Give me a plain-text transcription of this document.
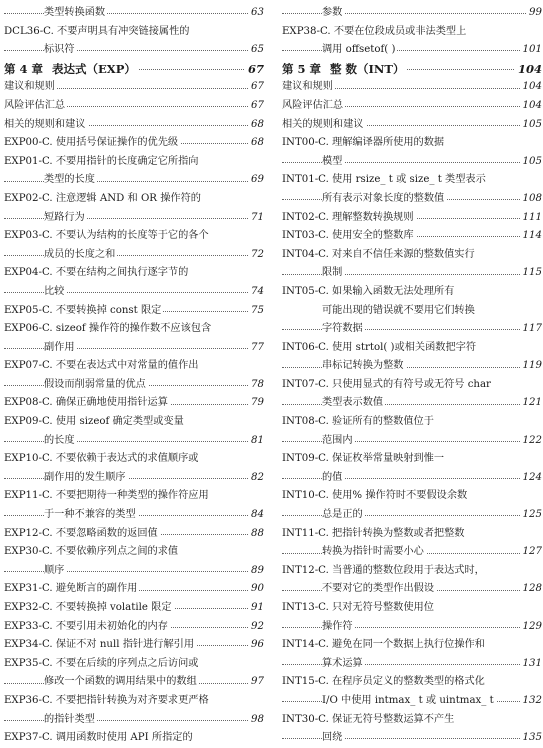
类型转换函数	63
DCL36-C. 不要声明具有冲突链接属性的
标识符	65
第 4 章 表达式（EXP）	67
建议和规则	67
风险评估汇总	67
相关的规则和建议	68
EXP00-C. 使用括号保证操作的优先级	68
EXP01-C. 不要用指针的长度确定它所指向
类型的长度	69
EXP02-C. 注意逻辑 AND 和 OR 操作符的
短路行为	71
EXP03-C. 不要认为结构的长度等于它的各个
成员的长度之和	72
EXP04-C. 不要在结构之间执行逐字节的
比较	74
EXP05-C. 不要转换掉 const 限定	75
EXP06-C. sizeof 操作符的操作数不应该包含
副作用	77
EXP07-C. 不要在表达式中对常量的值作出
假设而削弱常量的优点	78
EXP08-C. 确保正确地使用指针运算	79
EXP09-C. 使用 sizeof 确定类型或变量
的长度	81
EXP10-C. 不要依赖于表达式的求值顺序或
副作用的发生顺序	82
EXP11-C. 不要把期待一种类型的操作符应用
于一种不兼容的类型	84
EXP12-C. 不要忽略函数的返回值	88
EXP30-C. 不要依赖序列点之间的求值
顺序	89
EXP31-C. 避免断言的副作用	90
EXP32-C. 不要转换掉 volatile 限定	91
EXP33-C. 不要引用未初始化的内存	92
EXP34-C. 保证不对 null 指针进行解引用	96
EXP35-C. 不要在后续的序列点之后访问或
修改一个函数的调用结果中的数组	97
EXP36-C. 不要把指针转换为对齐要求更严格
的指针类型	98
EXP37-C. 调用函数时使用 API 所指定的
参数	99
EXP38-C. 不要在位段成员或非法类型上
调用 offsetof( )	101
第 5 章 整 数（INT）	104
建议和规则	104
风险评估汇总	104
相关的规则和建议	105
INT00-C. 理解编译器所使用的数据
模型	105
INT01-C. 使用 rsize_ t 或 size_ t 类型表示
所有表示对象长度的整数值	108
INT02-C. 理解整数转换规则	111
INT03-C. 使用安全的整数库	114
INT04-C. 对来自不信任来源的整数值实行
限制	115
INT05-C. 如果输入函数无法处理所有
可能出现的错误就不要用它们转换
字符数据	117
INT06-C. 使用 strtol( )或相关函数把字符
串标记转换为整数	119
INT07-C. 只使用显式的有符号或无符号 char
类型表示数值	121
INT08-C. 验证所有的整数值位于
范围内	122
INT09-C. 保证枚举常量映射到惟一
的值	124
INT10-C. 使用% 操作符时不要假设余数
总是正的	125
INT11-C. 把指针转换为整数或者把整数
转换为指针时需要小心	127
INT12-C. 当普通的整数位段用于表达式时，
不要对它的类型作出假设	128
INT13-C. 只对无符号整数使用位
操作符	129
INT14-C. 避免在同一个数据上执行位操作和
算术运算	131
INT15-C. 在程序员定义的整数类型的格式化
I/O 中使用 intmax_ t 或 uintmax_ t	132
INT30-C. 保证无符号整数运算不产生
回绕	135
